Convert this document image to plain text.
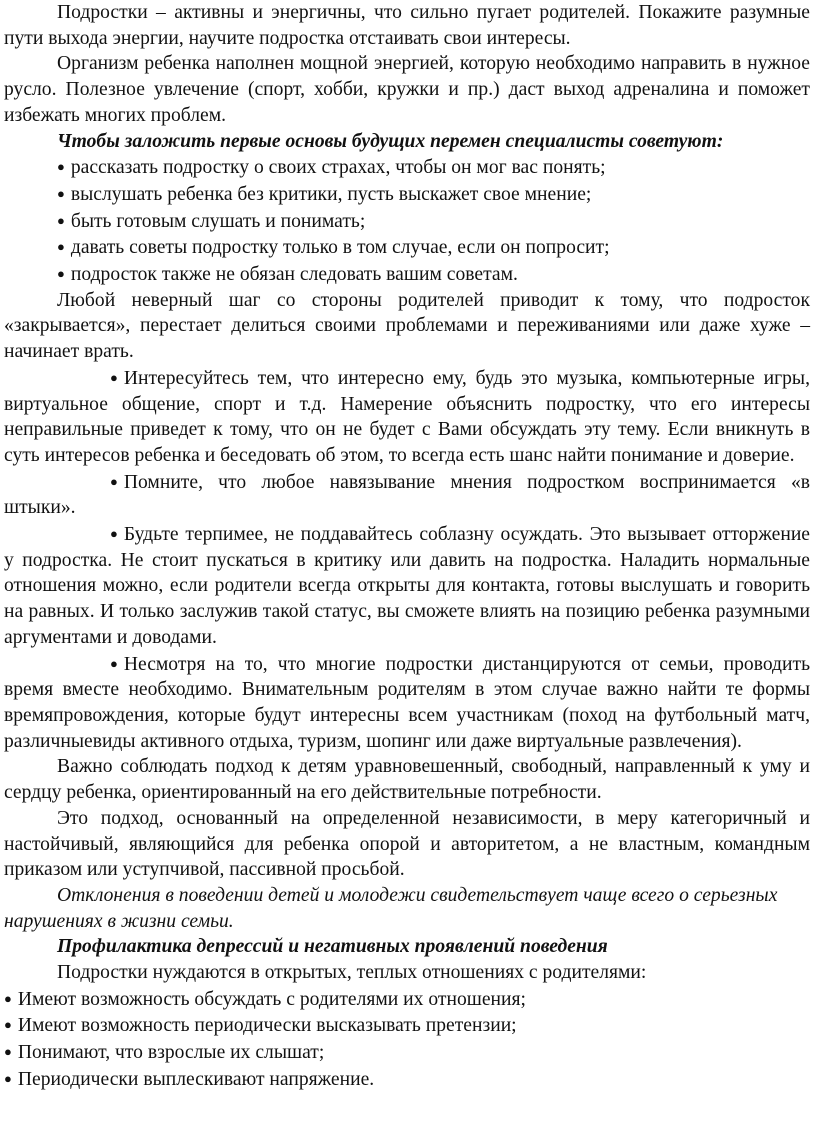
Подростки – активны и энергичны, что сильно пугает родителей. Покажите разумные пути выхода энергии, научите подростка отстаивать свои интересы.

Организм ребенка наполнен мощной энергией, которую необходимо направить в нужное русло. Полезное увлечение (спорт, хобби, кружки и пр.) даст выход адреналина и поможет избежать многих проблем.

Чтобы заложить первые основы будущих перемен специалисты советуют:

● рассказать подростку о своих страхах, чтобы он мог вас понять;
● выслушать ребенка без критики, пусть выскажет свое мнение;
● быть готовым слушать и понимать;
● давать советы подростку только в том случае, если он попросит;
● подросток также не обязан следовать вашим советам.

Любой неверный шаг со стороны родителей приводит к тому, что подросток «закрывается», перестает делиться своими проблемами и переживаниями или даже хуже – начинает врать.

● Интересуйтесь тем, что интересно ему, будь это музыка, компьютерные игры, виртуальное общение, спорт и т.д. Намерение объяснить подростку, что его интересы неправильные приведет к тому, что он не будет с Вами обсуждать эту тему. Если вникнуть в суть интересов ребенка и беседовать об этом, то всегда есть шанс найти понимание и доверие.

● Помните, что любое навязывание мнения подростком воспринимается «в штыки».

● Будьте терпимее, не поддавайтесь соблазну осуждать. Это вызывает отторжение у подростка. Не стоит пускаться в критику или давить на подростка. Наладить нормальные отношения можно, если родители всегда открыты для контакта, готовы выслушать и говорить на равных. И только заслужив такой статус, вы сможете влиять на позицию ребенка разумными аргументами и доводами.

● Несмотря на то, что многие подростки дистанцируются от семьи, проводить время вместе необходимо. Внимательным родителям в этом случае важно найти те формы времяпровождения, которые будут интересны всем участникам (поход на футбольный матч, различныевиды активного отдыха, туризм, шопинг или даже виртуальные развлечения).

Важно соблюдать подход к детям уравновешенный, свободный, направленный к уму и сердцу ребенка, ориентированный на его действительные потребности.

Это подход, основанный на определенной независимости, в меру категоричный и настойчивый, являющийся для ребенка опорой и авторитетом, а не властным, командным приказом или уступчивой, пассивной просьбой.

Отклонения в поведении детей и молодежи свидетельствует чаще всего о серьезных нарушениях в жизни семьи.

Профилактика депрессий и негативных проявлений поведения

Подростки нуждаются в открытых, теплых отношениях с родителями:

● Имеют возможность обсуждать с родителями их отношения;
● Имеют возможность периодически высказывать претензии;
● Понимают, что взрослые их слышат;
● Периодически выплескивают напряжение.
